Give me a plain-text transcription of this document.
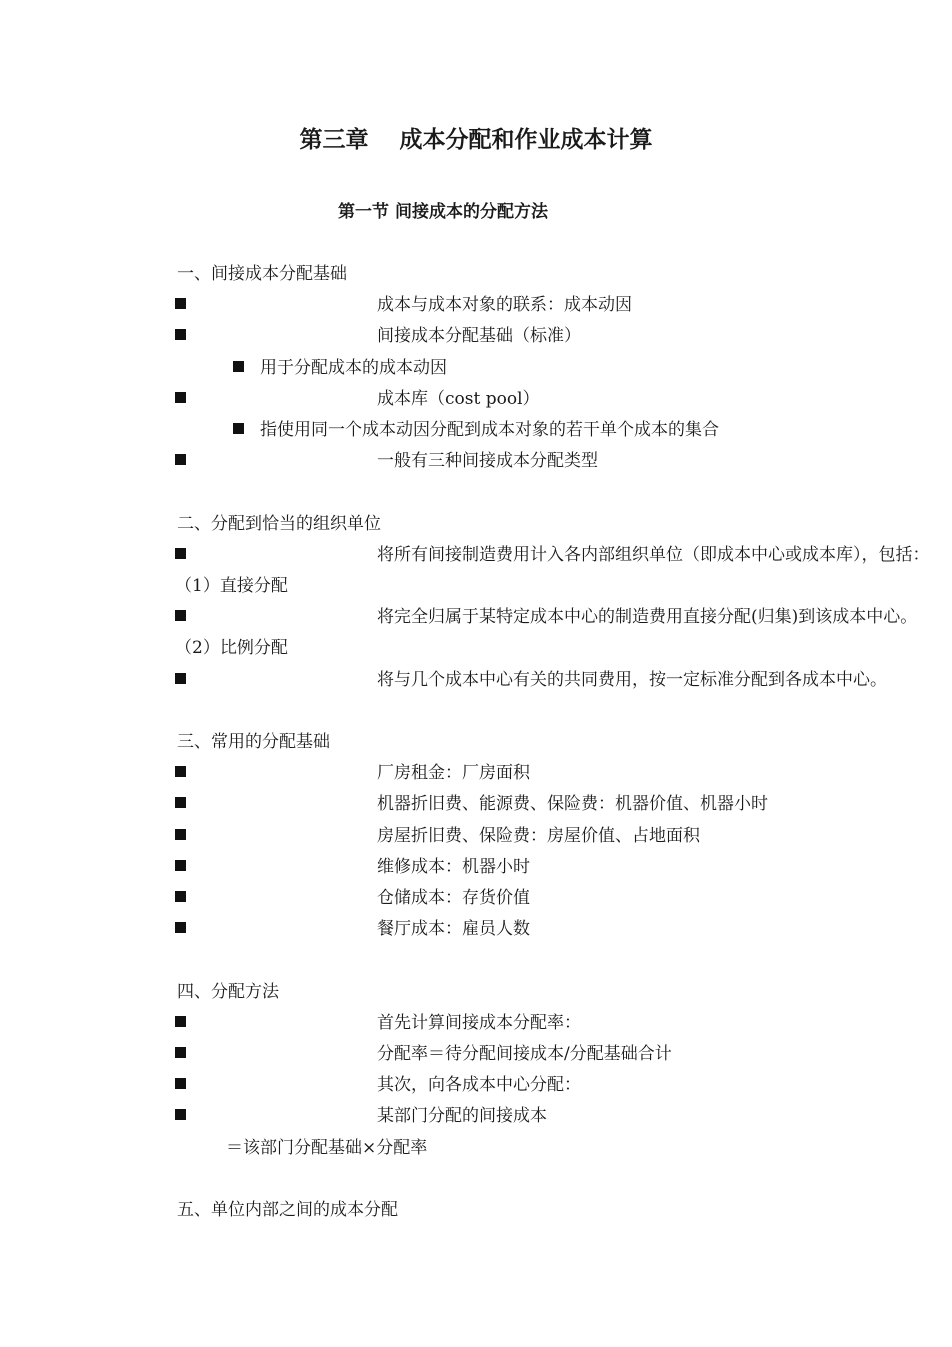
第三章　 成本分配和作业成本计算
第一节 间接成本的分配方法
一、间接成本分配基础
成本与成本对象的联系：成本动因
间接成本分配基础（标准）
用于分配成本的成本动因
成本库（cost pool）
指使用同一个成本动因分配到成本对象的若干单个成本的集合
一般有三种间接成本分配类型
二、分配到恰当的组织单位
将所有间接制造费用计入各内部组织单位（即成本中心或成本库），包括：
（1）直接分配
将完全归属于某特定成本中心的制造费用直接分配(归集)到该成本中心。
（2）比例分配
将与几个成本中心有关的共同费用，按一定标准分配到各成本中心。
三、常用的分配基础
厂房租金：厂房面积
机器折旧费、能源费、保险费：机器价值、机器小时
房屋折旧费、保险费：房屋价值、占地面积
维修成本：机器小时
仓储成本：存货价值
餐厅成本：雇员人数
四、分配方法
首先计算间接成本分配率：
分配率＝待分配间接成本/分配基础合计
其次，向各成本中心分配：
某部门分配的间接成本
＝该部门分配基础×分配率
五、单位内部之间的成本分配
